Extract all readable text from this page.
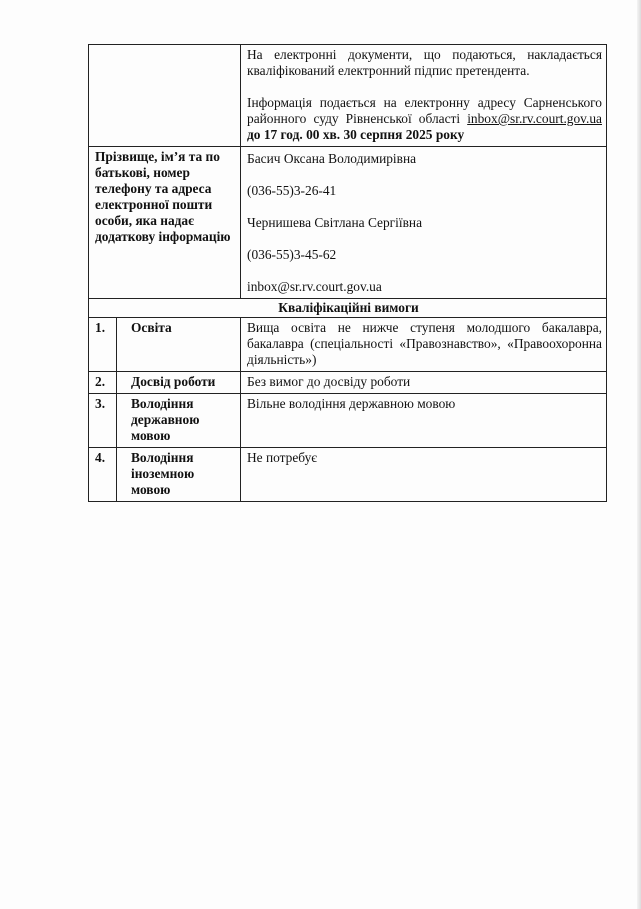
		На електронні документи, що подаються, накладається кваліфікований електронний підпис претендента.

Інформація подається на електронну адресу Сарненського районного суду Рівненської області inbox@sr.rv.court.gov.ua до 17 год. 00 хв. 30 серпня 2025 року

Прізвище, ім’я та по батькові, номер телефону та адреса електронної пошти особи, яка надає додаткову інформацію		Басич Оксана Володимирівна
(036-55)3-26-41
Чернишева Світлана Сергіївна
(036-55)3-45-62
inbox@sr.rv.court.gov.ua

Кваліфікаційні вимоги		
1.	Освіта	Вища освіта не нижче ступеня молодшого бакалавра, бакалавра (спеціальності «Правознавство», «Правоохоронна діяльність»)
2.	Досвід роботи	Без вимог до досвіду роботи
3.	Володіння державною мовою	Вільне володіння державною мовою
4.	Володіння іноземною мовою	Не потребує
